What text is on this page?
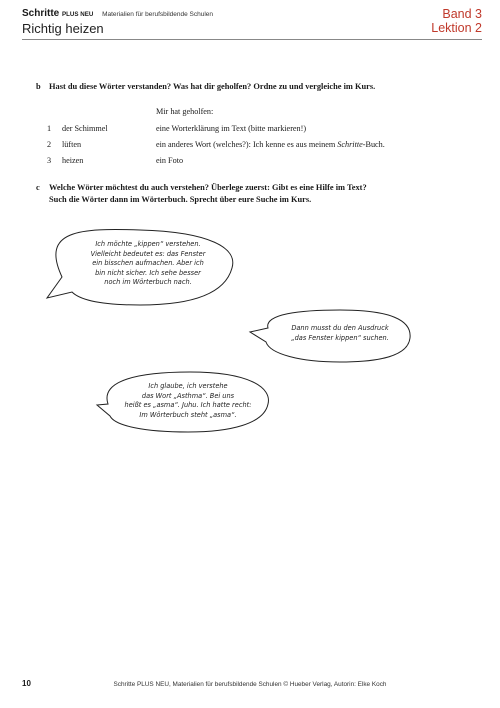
Schritte PLUS NEU Materialien für berufsbildende Schulen
Richtig heizen
Band 3
Lektion 2
b Hast du diese Wörter verstanden? Was hat dir geholfen? Ordne zu und vergleiche im Kurs.
Mir hat geholfen:
1 der Schimmel	eine Worterklärung im Text (bitte markieren!)
2 lüften	ein anderes Wort (welches?): Ich kenne es aus meinem Schritte-Buch.
3 heizen	ein Foto
c Welche Wörter möchtest du auch verstehen? Überlege zuerst: Gibt es eine Hilfe im Text?
Such die Wörter dann im Wörterbuch. Sprecht über eure Suche im Kurs.
Ich möchte „kippen“ verstehen.
Vielleicht bedeutet es: das Fenster
ein bisschen aufmachen. Aber ich
bin nicht sicher. Ich sehe besser
noch im Wörterbuch nach.
Dann musst du den Ausdruck
„das Fenster kippen“ suchen.
Ich glaube, ich verstehe
das Wort „Asthma“. Bei uns
heißt es „asma“. Juhu. Ich hatte recht:
Im Wörterbuch steht „asma“.
10	Schritte PLUS NEU, Materialien für berufsbildende Schulen © Hueber Verlag, Autorin: Elke Koch
